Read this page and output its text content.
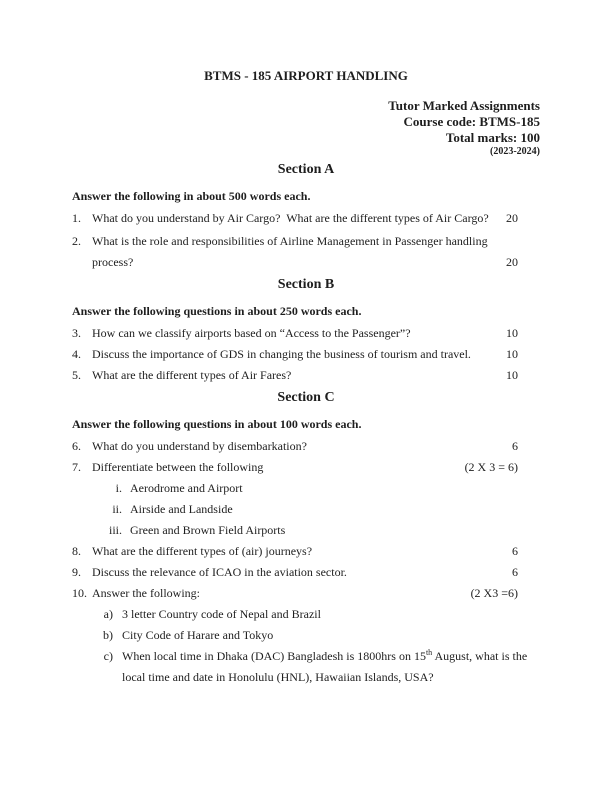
BTMS - 185 AIRPORT HANDLING
Tutor Marked Assignments
Course code: BTMS-185
Total marks: 100
(2023-2024)
Section A
Answer the following in about 500 words each.
1. What do you understand by Air Cargo?  What are the different types of Air Cargo?	20
2. What is the role and responsibilities of Airline Management in Passenger handling
process?	20
Section B
Answer the following questions in about 250 words each.
3. How can we classify airports based on “Access to the Passenger”?	10
4. Discuss the importance of GDS in changing the business of tourism and travel.	10
5. What are the different types of Air Fares?	10
Section C
Answer the following questions in about 100 words each.
6. What do you understand by disembarkation?	6
7. Differentiate between the following	(2 X 3 = 6)
i. Aerodrome and Airport
ii. Airside and Landside
iii. Green and Brown Field Airports
8. What are the different types of (air) journeys?	6
9. Discuss the relevance of ICAO in the aviation sector.	6
10. Answer the following:	(2 X3 =6)
a) 3 letter Country code of Nepal and Brazil
b) City Code of Harare and Tokyo
c) When local time in Dhaka (DAC) Bangladesh is 1800hrs on 15th August, what is the
local time and date in Honolulu (HNL), Hawaiian Islands, USA?
